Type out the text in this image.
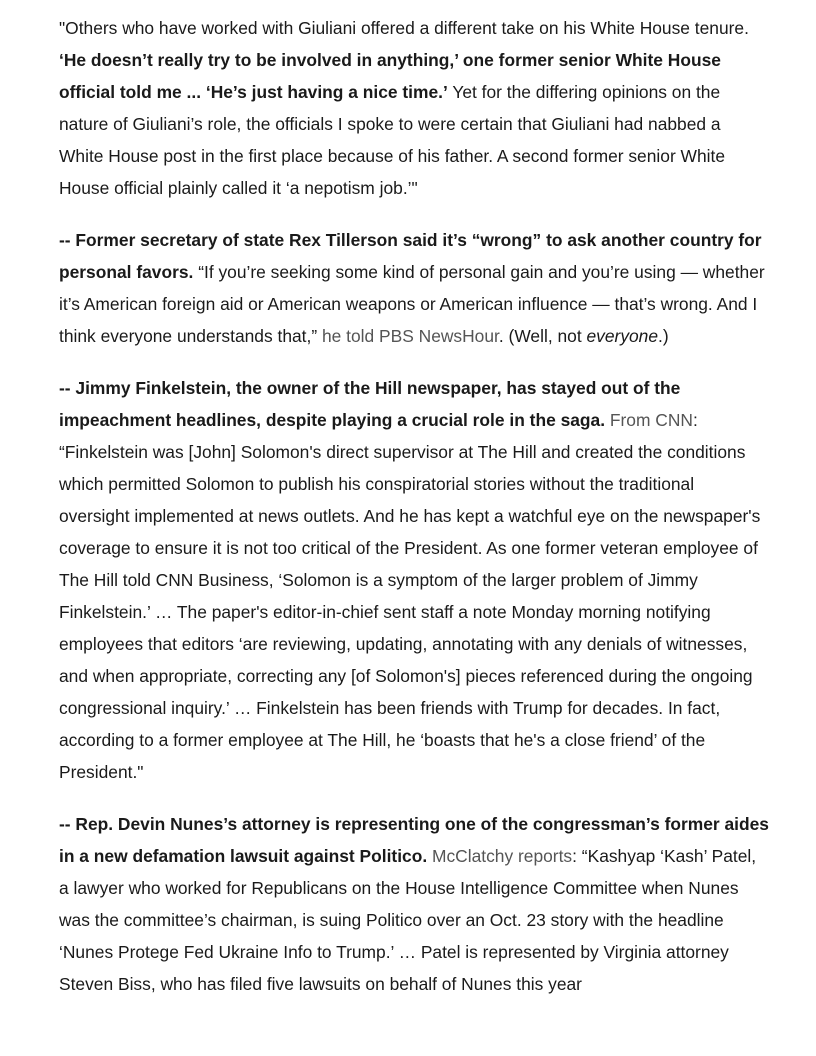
"Others who have worked with Giuliani offered a different take on his White House tenure. ‘He doesn’t really try to be involved in anything,’ one former senior White House official told me ... ‘He’s just having a nice time.’ Yet for the differing opinions on the nature of Giuliani’s role, the officials I spoke to were certain that Giuliani had nabbed a White House post in the first place because of his father. A second former senior White House official plainly called it ‘a nepotism job.’"

-- Former secretary of state Rex Tillerson said it’s “wrong” to ask another country for personal favors. “If you’re seeking some kind of personal gain and you’re using — whether it’s American foreign aid or American weapons or American influence — that’s wrong. And I think everyone understands that,” he told PBS NewsHour. (Well, not everyone.)

-- Jimmy Finkelstein, the owner of the Hill newspaper, has stayed out of the impeachment headlines, despite playing a crucial role in the saga. From CNN: “Finkelstein was [John] Solomon's direct supervisor at The Hill and created the conditions which permitted Solomon to publish his conspiratorial stories without the traditional oversight implemented at news outlets. And he has kept a watchful eye on the newspaper's coverage to ensure it is not too critical of the President. As one former veteran employee of The Hill told CNN Business, ‘Solomon is a symptom of the larger problem of Jimmy Finkelstein.’ … The paper's editor-in-chief sent staff a note Monday morning notifying employees that editors ‘are reviewing, updating, annotating with any denials of witnesses, and when appropriate, correcting any [of Solomon's] pieces referenced during the ongoing congressional inquiry.’ … Finkelstein has been friends with Trump for decades. In fact, according to a former employee at The Hill, he ‘boasts that he's a close friend’ of the President."

-- Rep. Devin Nunes’s attorney is representing one of the congressman’s former aides in a new defamation lawsuit against Politico. McClatchy reports: “Kashyap ‘Kash’ Patel, a lawyer who worked for Republicans on the House Intelligence Committee when Nunes was the committee’s chairman, is suing Politico over an Oct. 23 story with the headline ‘Nunes Protege Fed Ukraine Info to Trump.’ … Patel is represented by Virginia attorney Steven Biss, who has filed five lawsuits on behalf of Nunes this year
